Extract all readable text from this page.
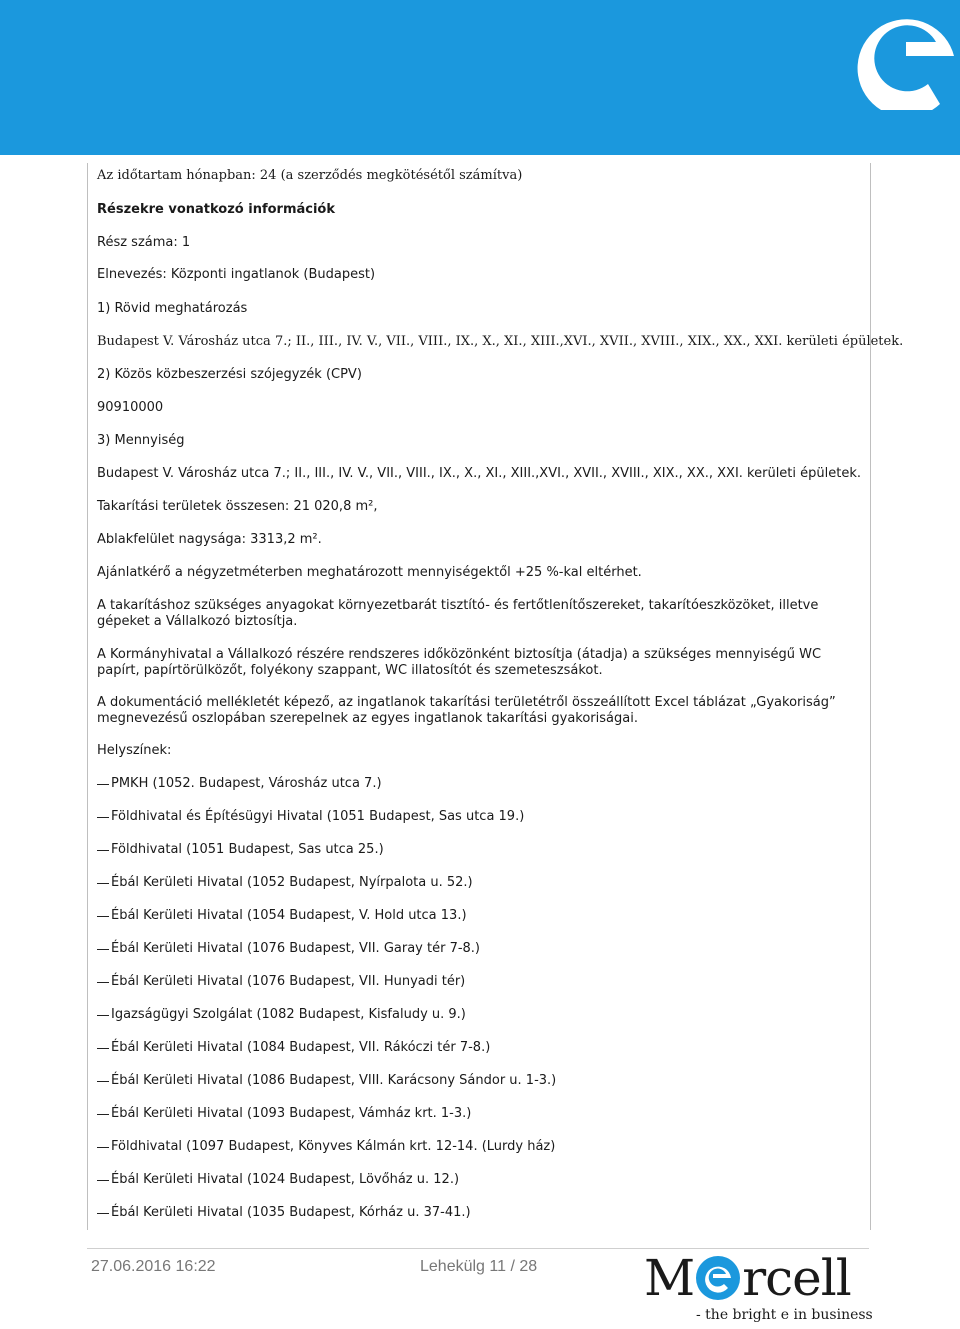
Az időtartam hónapban: 24 (a szerződés megkötésétől számítva)
Részekre vonatkozó információk
Rész száma: 1
Elnevezés: Központi ingatlanok (Budapest)
1) Rövid meghatározás
Budapest V. Városház utca 7.; II., III., IV. V., VII., VIII., IX., X., XI., XIII.,XVI., XVII., XVIII., XIX., XX., XXI. kerületi épületek.
2) Közös közbeszerzési szójegyzék (CPV)
90910000
3) Mennyiség
Budapest V. Városház utca 7.; II., III., IV. V., VII., VIII., IX., X., XI., XIII.,XVI., XVII., XVIII., XIX., XX., XXI. kerületi épületek.
Takarítási területek összesen: 21 020,8 m²,
Ablakfelület nagysága: 3313,2 m².
Ajánlatkérő a négyzetméterben meghatározott mennyiségektől +25 %-kal eltérhet.
A takarításhoz szükséges anyagokat környezetbarát tisztító- és fertőtlenítőszereket, takarítóeszközöket, illetve gépeket a Vállalkozó biztosítja.
A Kormányhivatal a Vállalkozó részére rendszeres időközönként biztosítja (átadja) a szükséges mennyiségű WC papírt, papírtörülközőt, folyékony szappant, WC illatosítót és szemeteszsákot.
A dokumentáció mellékletét képező, az ingatlanok takarítási területétről összeállított Excel táblázat „Gyakoriság” megnevezésű oszlopában szerepelnek az egyes ingatlanok takarítási gyakoriságai.
Helyszínek:
PMKH (1052. Budapest, Városház utca 7.)
Földhivatal és Építésügyi Hivatal (1051 Budapest, Sas utca 19.)
Földhivatal (1051 Budapest, Sas utca 25.)
Ébál Kerületi Hivatal (1052 Budapest, Nyírpalota u. 52.)
Ébál Kerületi Hivatal (1054 Budapest, V. Hold utca 13.)
Ébál Kerületi Hivatal (1076 Budapest, VII. Garay tér 7-8.)
Ébál Kerületi Hivatal (1076 Budapest, VII. Hunyadi tér)
Igazságügyi Szolgálat (1082 Budapest, Kisfaludy u. 9.)
Ébál Kerületi Hivatal (1084 Budapest, VII. Rákóczi tér 7-8.)
Ébál Kerületi Hivatal (1086 Budapest, VIII. Karácsony Sándor u. 1-3.)
Ébál Kerületi Hivatal (1093 Budapest, Vámház krt. 1-3.)
Földhivatal (1097 Budapest, Könyves Kálmán krt. 12-14. (Lurdy ház)
Ébál Kerületi Hivatal (1024 Budapest, Lövőház u. 12.)
Ébál Kerületi Hivatal (1035 Budapest, Kórház u. 37-41.)
27.06.2016 16:22	Lehekülg 11 / 28 M rcell
- the bright e in business
